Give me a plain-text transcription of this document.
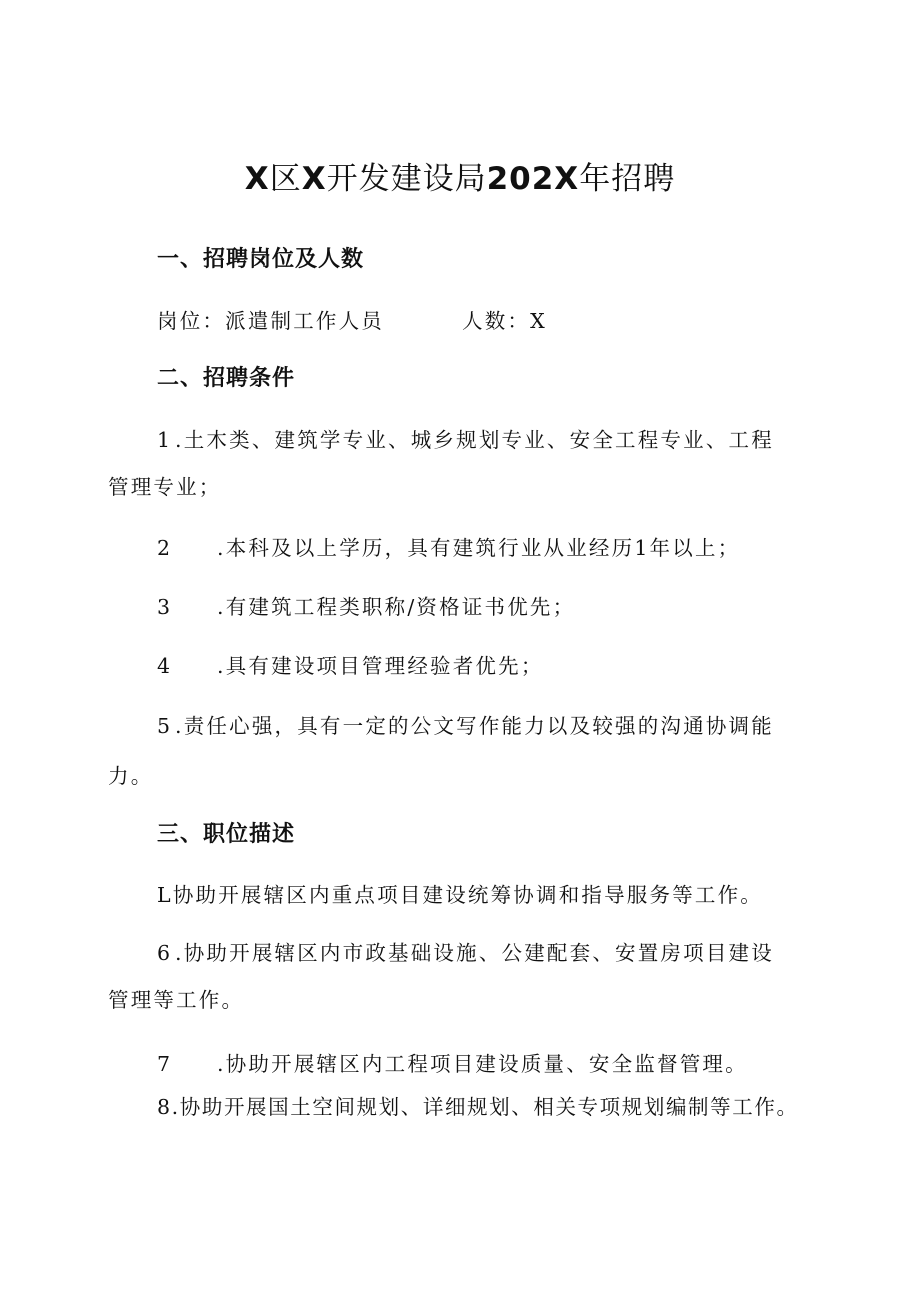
X区X开发建设局202X年招聘
一、招聘岗位及人数
岗位：派遣制工作人员	人数：X
二、招聘条件
1 .土木类、建筑学专业、城乡规划专业、安全工程专业、工程
管理专业；
2 .本科及以上学历，具有建筑行业从业经历1年以上；
3 .有建筑工程类职称/资格证书优先；
4 .具有建设项目管理经验者优先；
5 .责任心强，具有一定的公文写作能力以及较强的沟通协调能
力。
三、职位描述
L协助开展辖区内重点项目建设统筹协调和指导服务等工作。
6 .协助开展辖区内市政基础设施、公建配套、安置房项目建设
管理等工作。
7 .协助开展辖区内工程项目建设质量、安全监督管理。
8.协助开展国土空间规划、详细规划、相关专项规划编制等工作。
